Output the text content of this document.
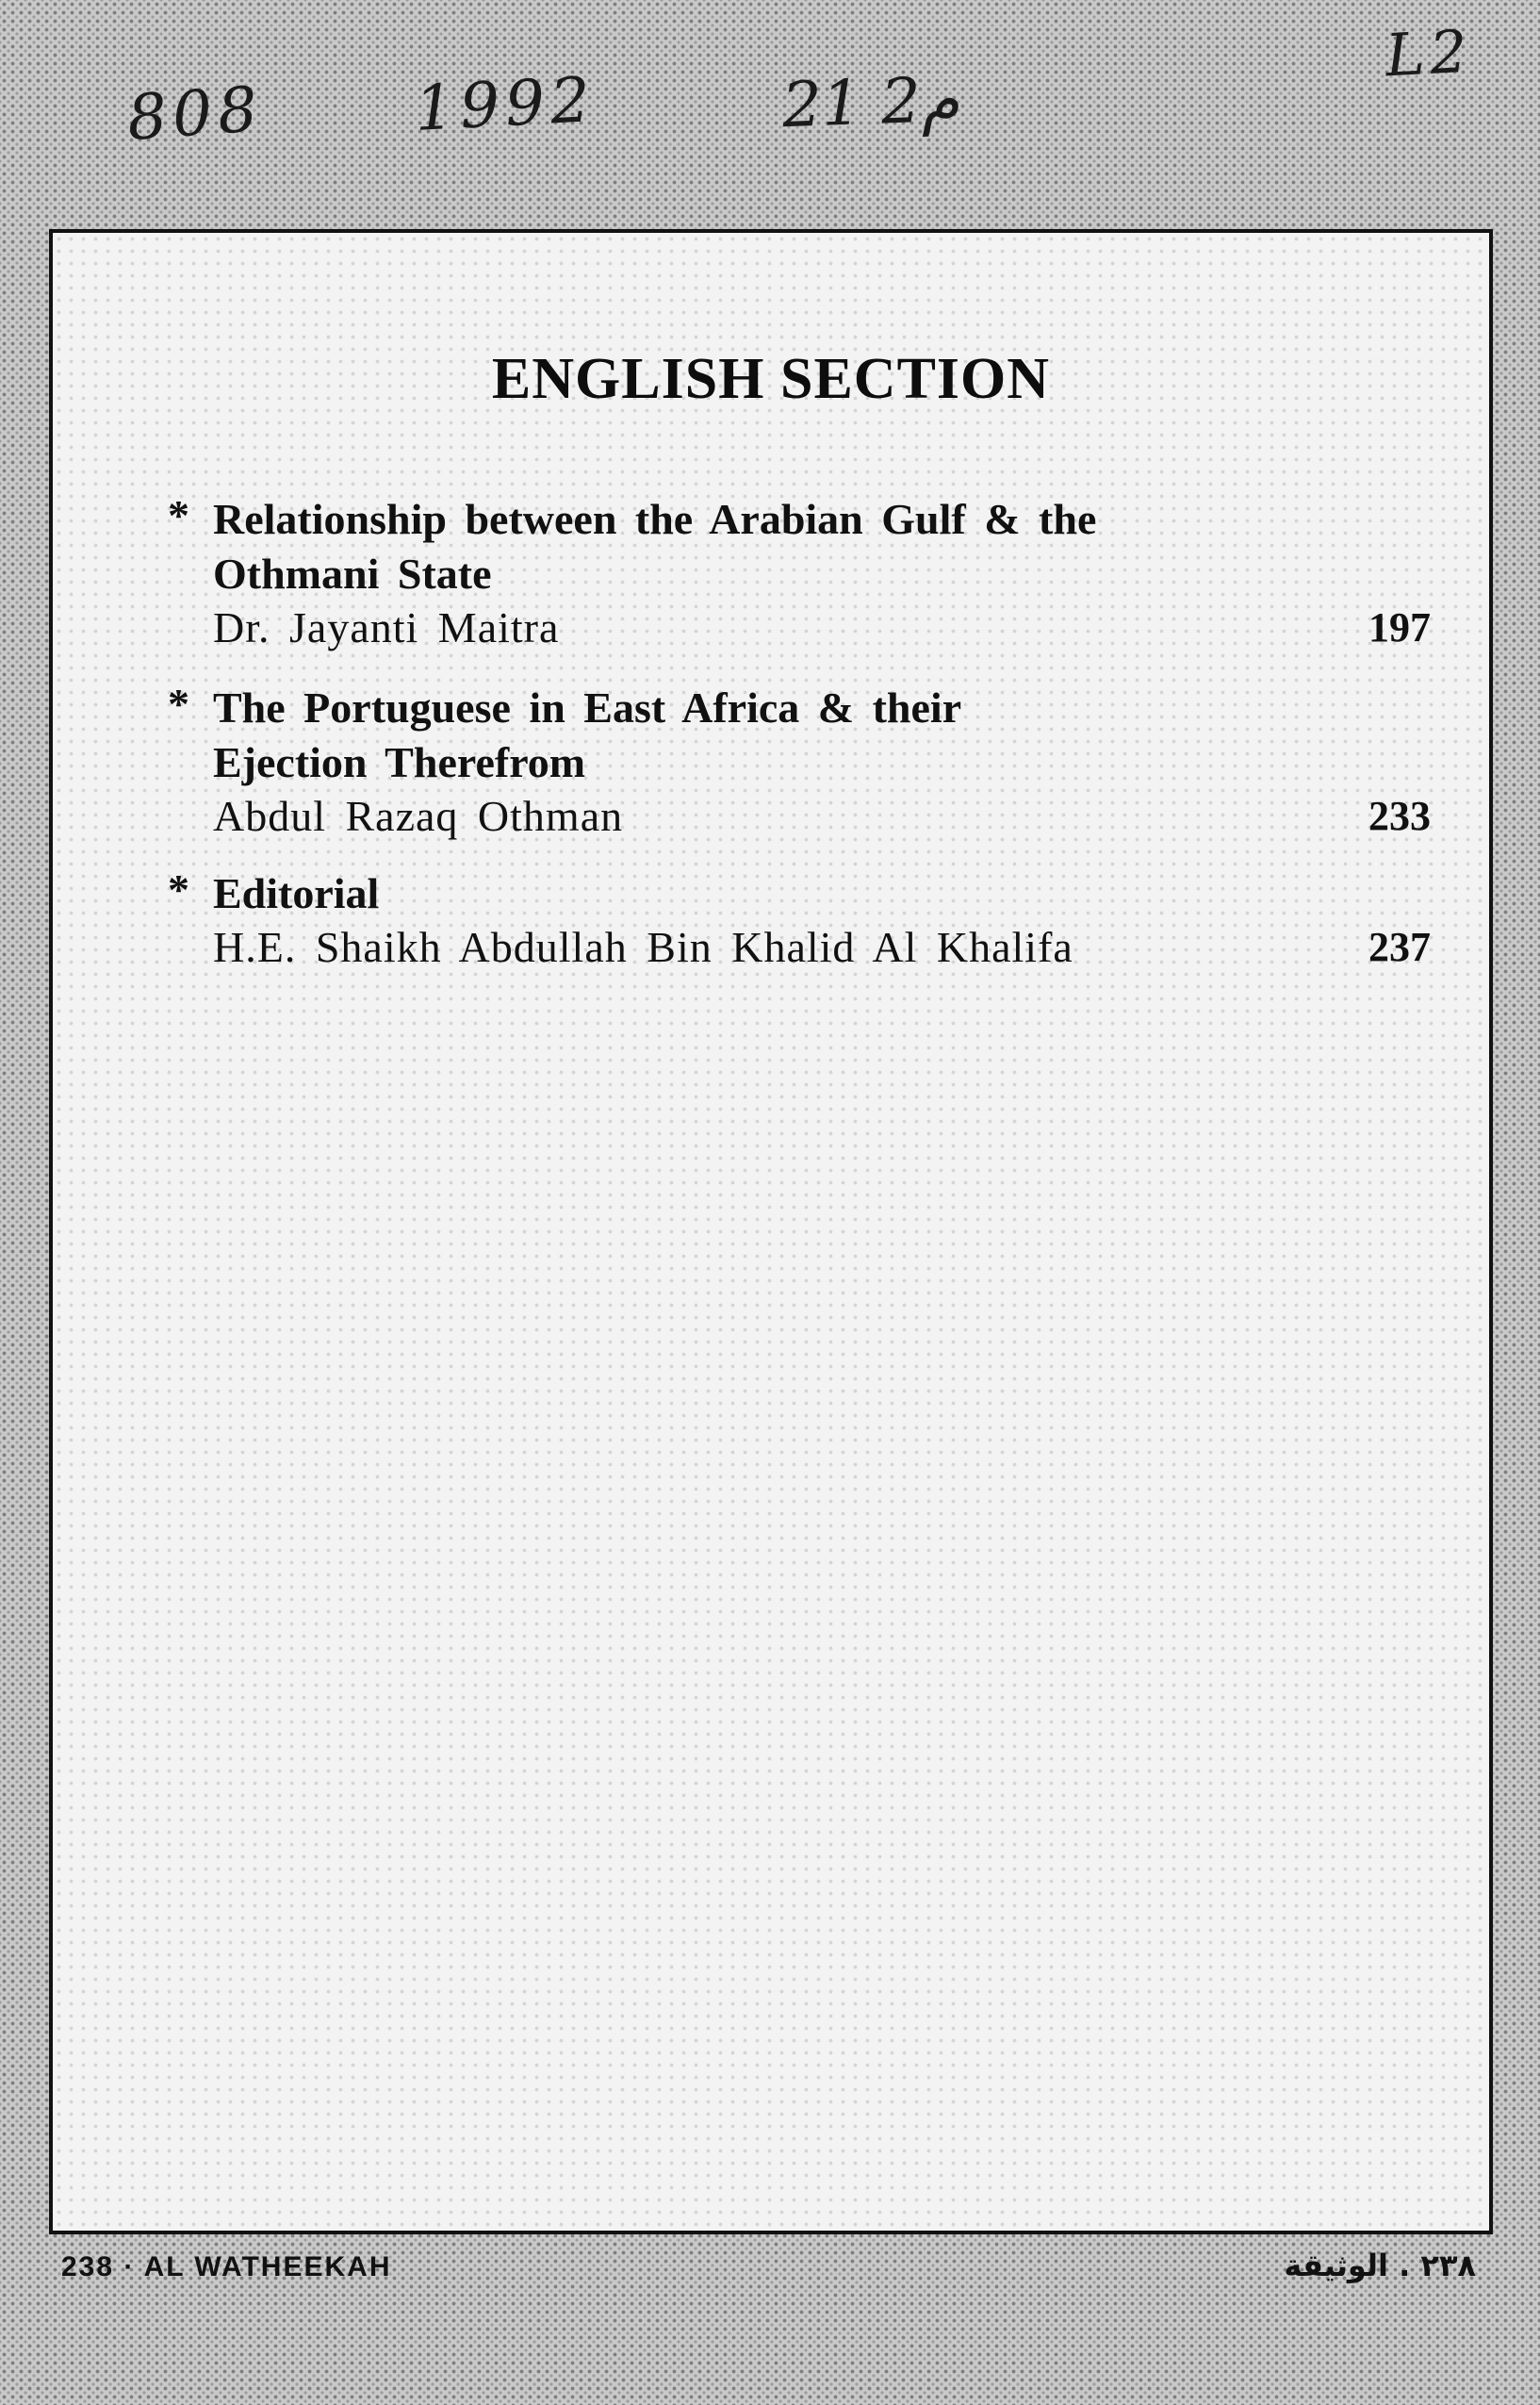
808 1992	م2 21
L2
ENGLISH SECTION
* Relationship between the Arabian Gulf & the Othmani State
Dr. Jayanti Maitra	197
* The Portuguese in East Africa & their Ejection Therefrom
Abdul Razaq Othman	233
* Editorial
H.E. Shaikh Abdullah Bin Khalid Al Khalifa	237
238 · AL WATHEEKAH	٢٣٨ . الوثيقة
